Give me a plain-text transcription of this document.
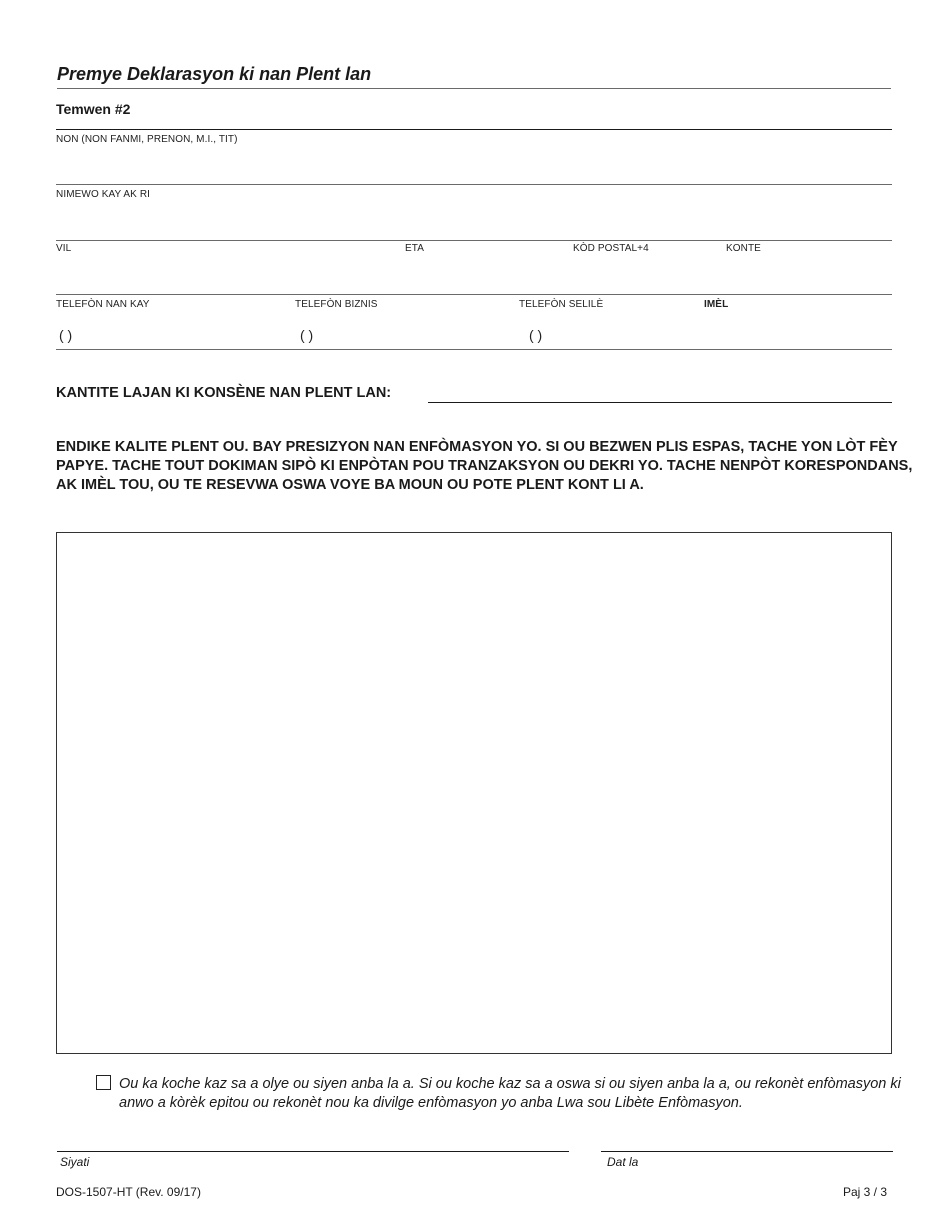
Premye Deklarasyon ki nan Plent lan
Temwen #2
NON (NON FANMI, PRENON, M.I., TIT)
NIMEWO KAY AK RI
VIL	ETA	KÒD POSTAL+4	KONTE
TELEFÒN NAN KAY	TELEFÒN BIZNIS	TELEFÒN SELILÈ	IMÈL
( )	( )	( )
KANTITE LAJAN KI KONSÈNE NAN PLENT LAN:
ENDIKE KALITE PLENT OU. BAY PRESIZYON NAN ENFÒMASYON YO. SI OU BEZWEN PLIS ESPAS, TACHE YON LÒT FÈY PAPYE. TACHE TOUT DOKIMAN SIPÒ KI ENPÒTAN POU TRANZAKSYON OU DEKRI YO. TACHE NENPÒT KORESPONDANS, AK IMÈL TOU, OU TE RESEVWA OSWA VOYE BA MOUN OU POTE PLENT KONT LI A.
Ou ka koche kaz sa a olye ou siyen anba la a. Si ou koche kaz sa a oswa si ou siyen anba la a, ou rekonèt enfòmasyon ki anwo a kòrèk epitou ou rekonèt nou ka divilge enfòmasyon yo anba Lwa sou Libète Enfòmasyon.
Siyati	Dat la
DOS-1507-HT (Rev. 09/17)	Paj 3 / 3
